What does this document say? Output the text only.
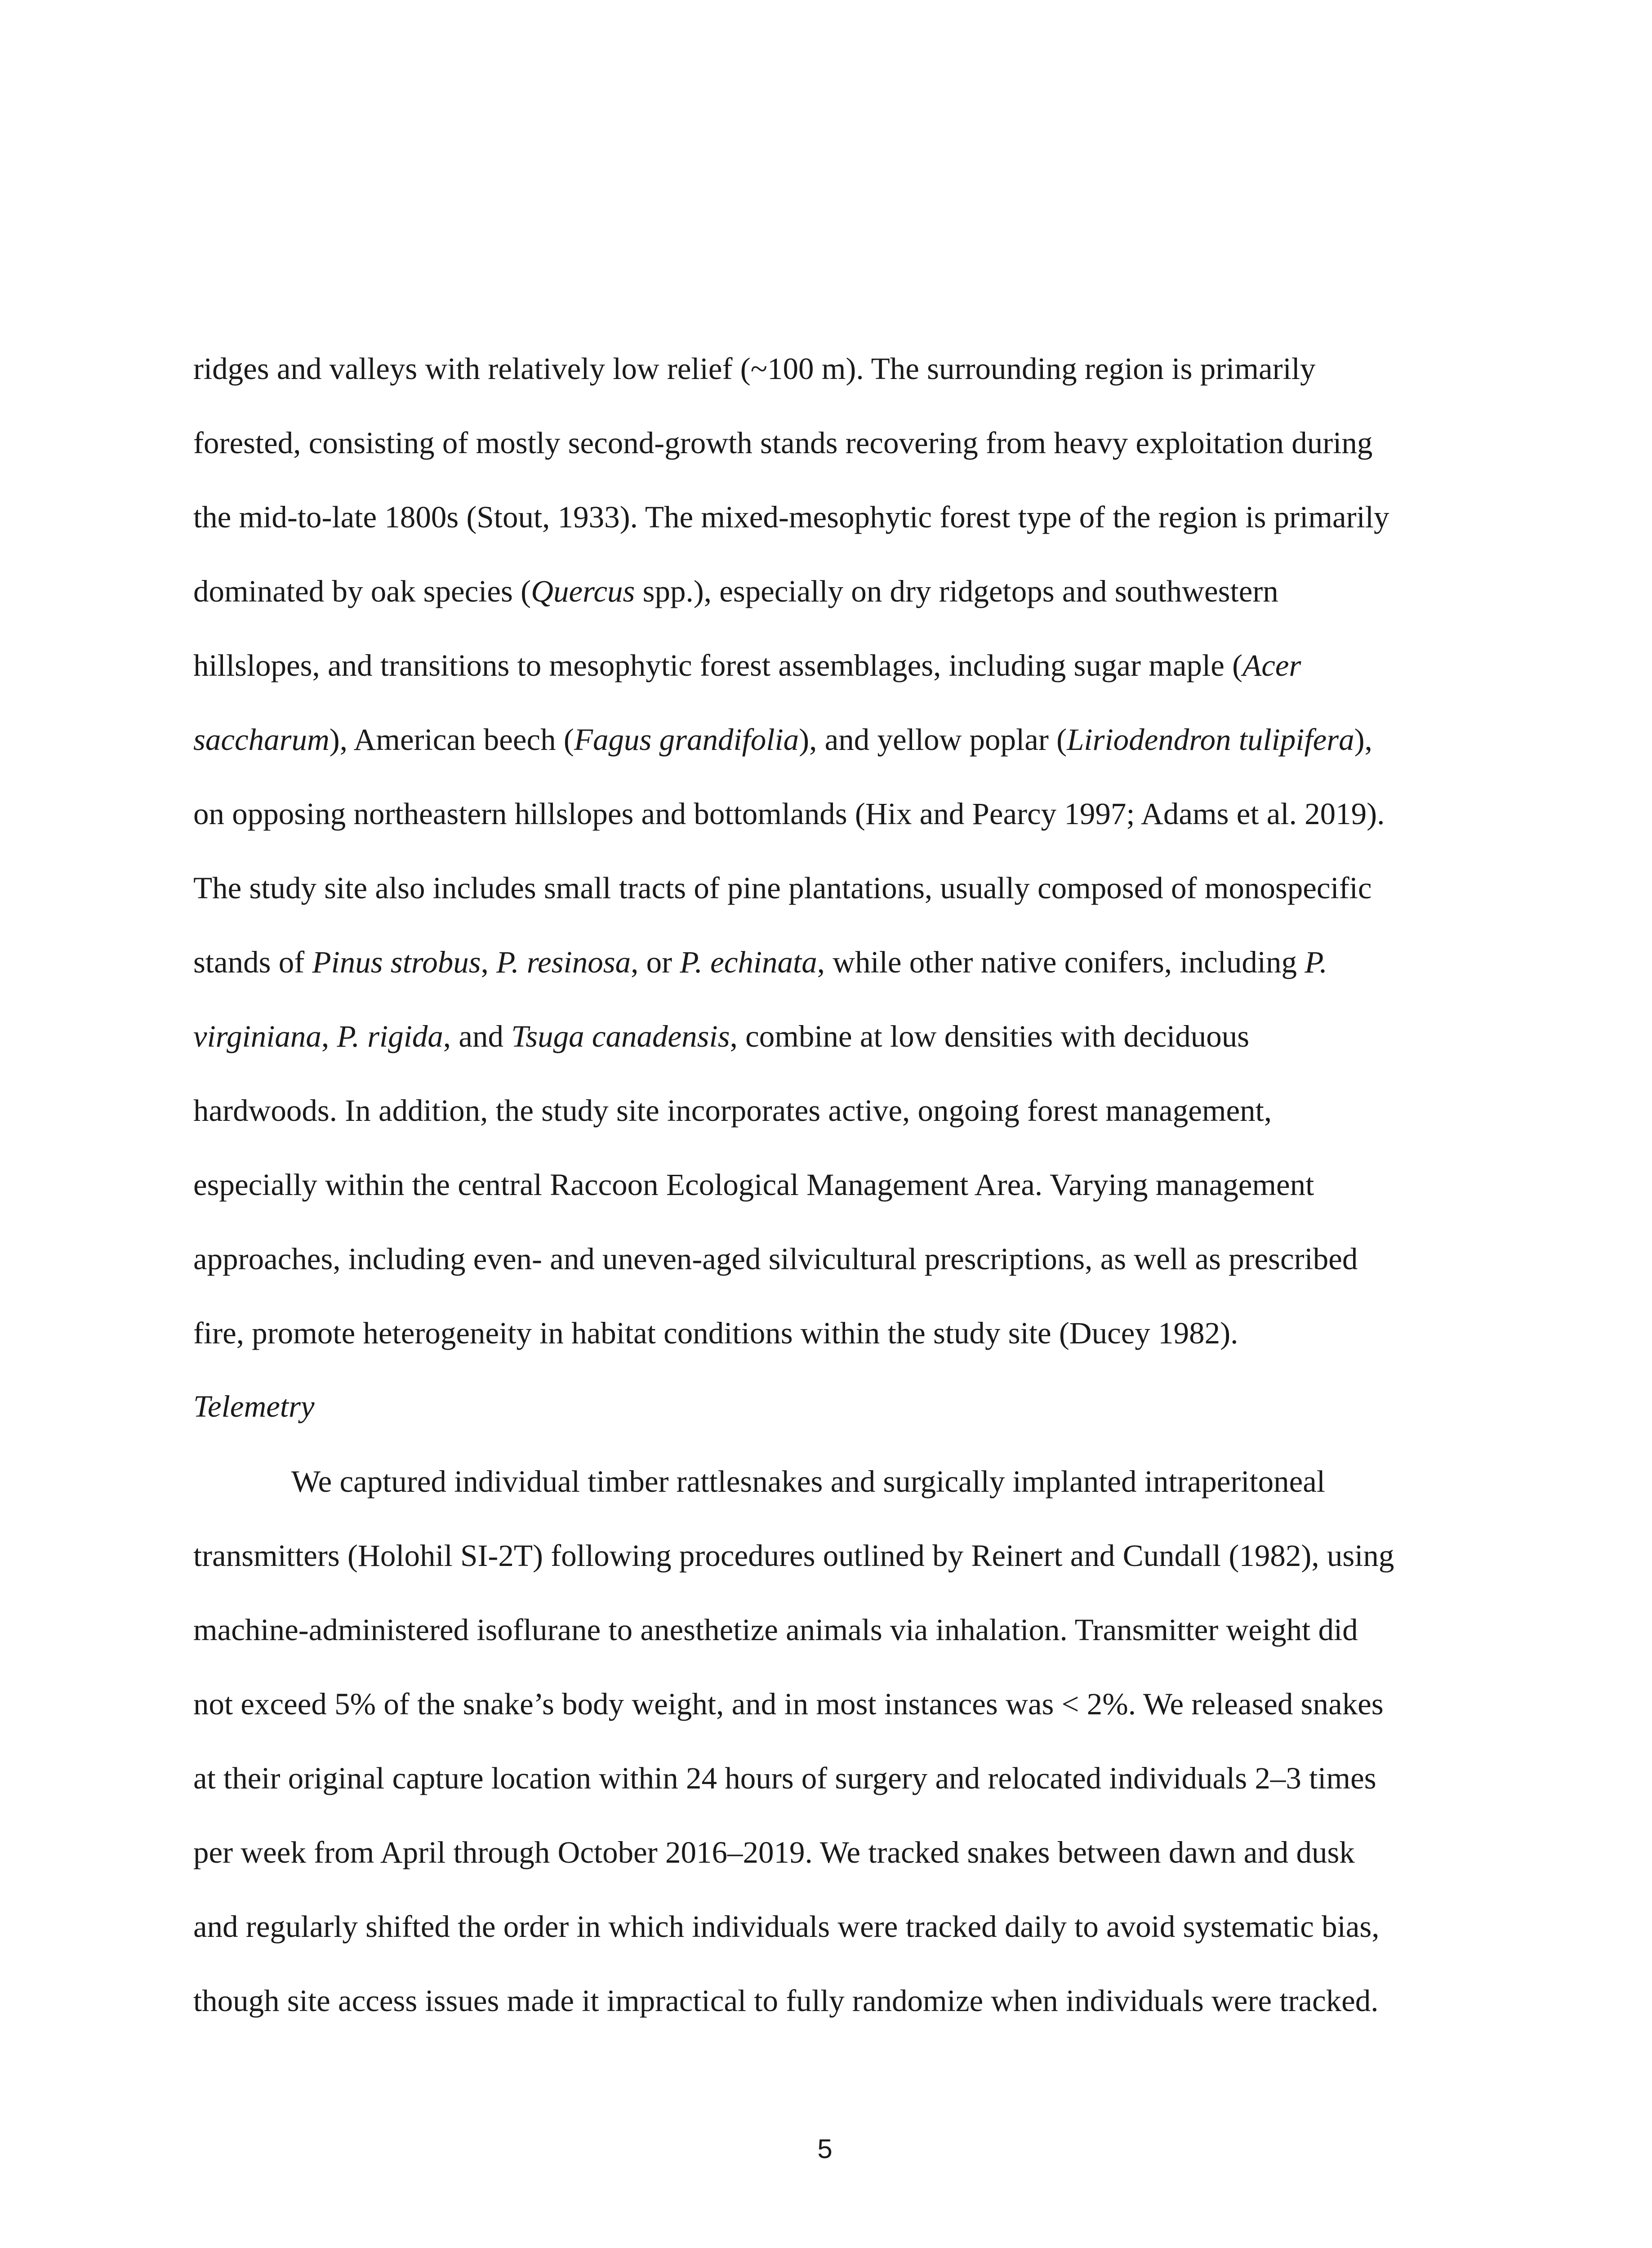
ridges and valleys with relatively low relief (~100 m). The surrounding region is primarily
forested, consisting of mostly second-growth stands recovering from heavy exploitation during
the mid-to-late 1800s (Stout, 1933). The mixed-mesophytic forest type of the region is primarily
dominated by oak species (Quercus spp.), especially on dry ridgetops and southwestern
hillslopes, and transitions to mesophytic forest assemblages, including sugar maple (Acer
saccharum), American beech (Fagus grandifolia), and yellow poplar (Liriodendron tulipifera),
on opposing northeastern hillslopes and bottomlands (Hix and Pearcy 1997; Adams et al. 2019).
The study site also includes small tracts of pine plantations, usually composed of monospecific
stands of Pinus strobus, P. resinosa, or P. echinata, while other native conifers, including P.
virginiana, P. rigida, and Tsuga canadensis, combine at low densities with deciduous
hardwoods. In addition, the study site incorporates active, ongoing forest management,
especially within the central Raccoon Ecological Management Area. Varying management
approaches, including even- and uneven-aged silvicultural prescriptions, as well as prescribed
fire, promote heterogeneity in habitat conditions within the study site (Ducey 1982).
Telemetry
We captured individual timber rattlesnakes and surgically implanted intraperitoneal
transmitters (Holohil SI-2T) following procedures outlined by Reinert and Cundall (1982), using
machine-administered isoflurane to anesthetize animals via inhalation. Transmitter weight did
not exceed 5% of the snake’s body weight, and in most instances was < 2%. We released snakes
at their original capture location within 24 hours of surgery and relocated individuals 2–3 times
per week from April through October 2016–2019. We tracked snakes between dawn and dusk
and regularly shifted the order in which individuals were tracked daily to avoid systematic bias,
though site access issues made it impractical to fully randomize when individuals were tracked.
5
